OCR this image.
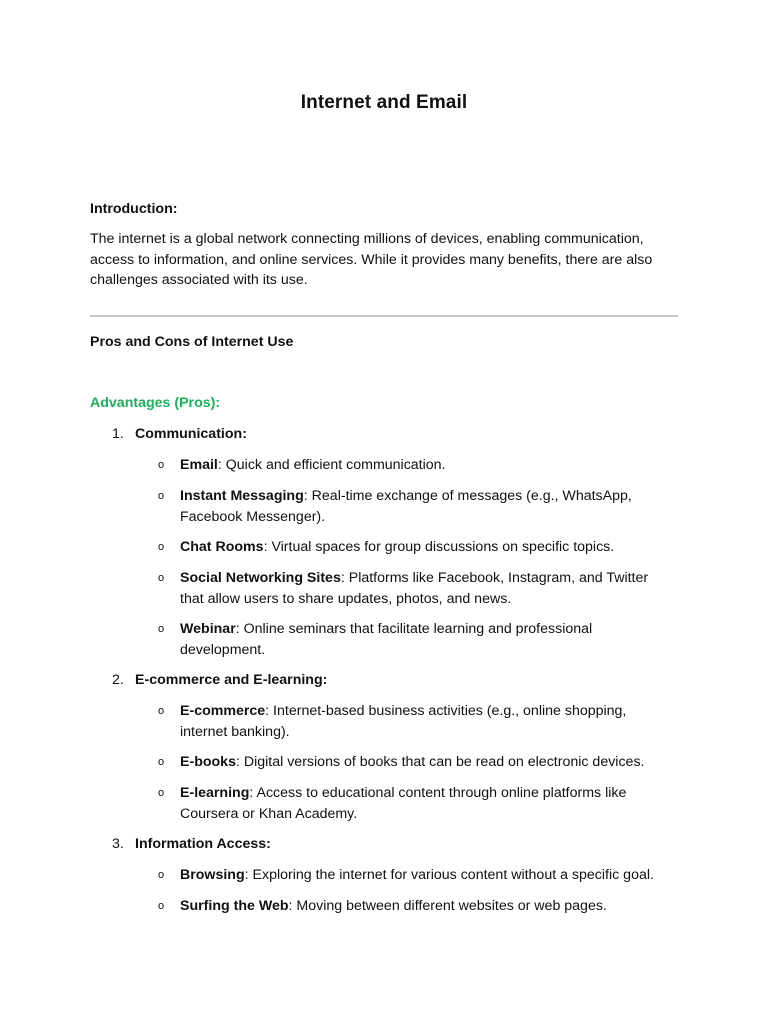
Internet and Email
Introduction:
The internet is a global network connecting millions of devices, enabling communication, access to information, and online services. While it provides many benefits, there are also challenges associated with its use.
Pros and Cons of Internet Use
Advantages (Pros):
1. Communication:
o	Email: Quick and efficient communication.
o	Instant Messaging: Real-time exchange of messages (e.g., WhatsApp, Facebook Messenger).
o	Chat Rooms: Virtual spaces for group discussions on specific topics.
o	Social Networking Sites: Platforms like Facebook, Instagram, and Twitter that allow users to share updates, photos, and news.
o	Webinar: Online seminars that facilitate learning and professional development.
2. E-commerce and E-learning:
o	E-commerce: Internet-based business activities (e.g., online shopping, internet banking).
o	E-books: Digital versions of books that can be read on electronic devices.
o	E-learning: Access to educational content through online platforms like Coursera or Khan Academy.
3. Information Access:
o	Browsing: Exploring the internet for various content without a specific goal.
o	Surfing the Web: Moving between different websites or web pages.
